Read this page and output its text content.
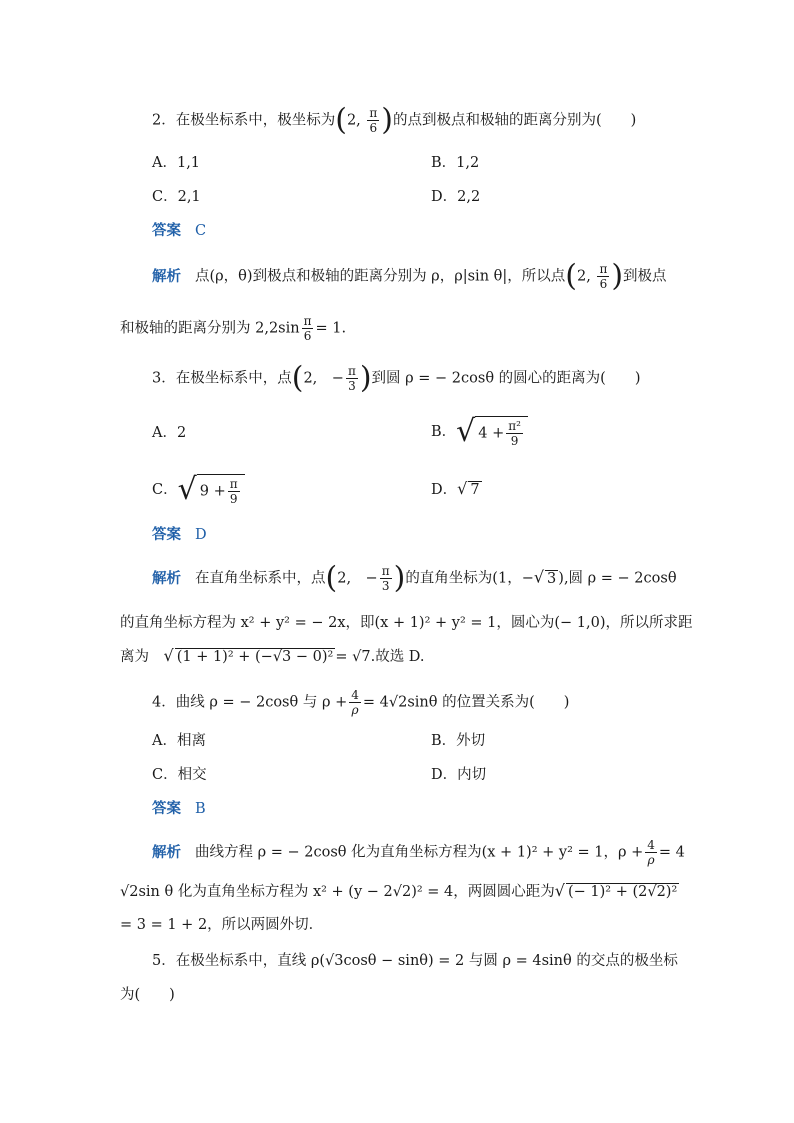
2．在极坐标系中，极坐标为(2, $\frac{\pi}{6}$ )的点到极点和极轴的距离分别为(　　)
A．1,1	B．1,2
C．2,1	D．2,2
答案 C
解析 点(ρ，θ)到极点和极轴的距离分别为 ρ，ρ|sin θ|，所以点(2, $\frac{\pi}{6}$ )到极点
和极轴的距离分别为 $2,2\sin \frac{\pi}{6} = 1$.
3．在极坐标系中，点(2,　− $\frac{\pi}{3}$ )到圆 ρ = − 2cosθ 的圆心的距离为(　　)
A．2	B．√ $4 + \frac{\text{π²}}{9}$
C．√ $9 + \frac{\pi}{9}$	D．√ 7
答案 D
解析 在直角坐标系中，点(2,　− $\frac{\pi}{3}$ )的直角坐标为(1，−√ 3 ),圆 ρ = − 2cosθ
的直角坐标方程为 x² + y² = − 2x，即(x + 1)² + y² = 1，圆心为(− 1,0)，所以所求距
离为　 √ (1 + 1)² + (−√3 − 0)² = √7.故选 D.
4．曲线 ρ = − 2cosθ 与 $\rho + \frac{4}{\rho} = 4√2\sin\theta$ 的位置关系为(　　)
A．相离	B．外切
C．相交	D．内切
答案 B
解析 曲线方程 ρ = − 2cosθ 化为直角坐标方程为(x + 1)² + y² = 1，$\rho + \frac{4}{\rho} = 4$
√2sin θ 化为直角坐标方程为 x² + (y − 2√2)² = 4，两圆圆心距为√ (− 1)² + (2√2)²
= 3 = 1 + 2，所以两圆外切．
5．在极坐标系中，直线 ρ(√3cosθ − sinθ) = 2 与圆 ρ = 4sinθ 的交点的极坐标
为(　　)
